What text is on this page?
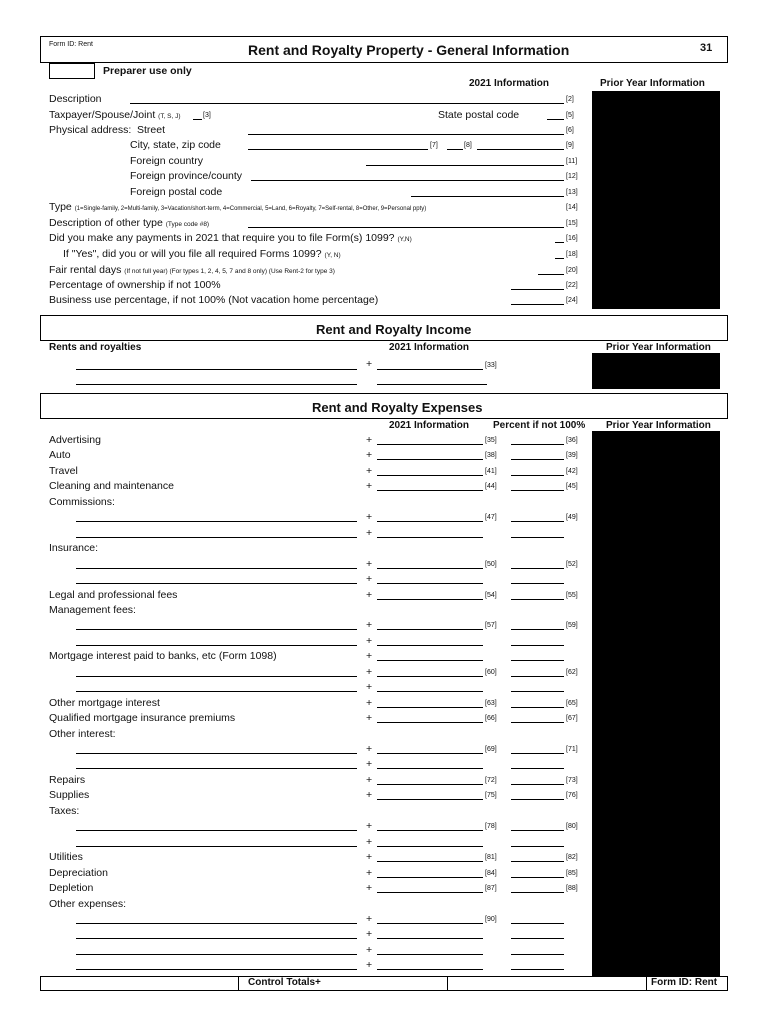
Form ID: Rent	Rent and Royalty Property - General Information	31
Preparer use only
2021 Information	Prior Year Information
Description	[2]
Taxpayer/Spouse/Joint (T, S, J)	[3]	State postal code	[5]
Physical address: Street	[6]
City, state, zip code	[7]	[8]	[9]
Foreign country	[11]
Foreign province/county	[12]
Foreign postal code	[13]
Type (1=Single-family, 2=Multi-family, 3=Vacation/short-term, 4=Commercial, 5=Land, 6=Royalty, 7=Self-rental, 8=Other, 9=Personal ppty)	[14]
Description of other type (Type code #8)	[15]
Did you make any payments in 2021 that require you to file Form(s) 1099? (Y,N)	[16]
If "Yes", did you or will you file all required Forms 1099? (Y, N)	[18]
Fair rental days (If not full year) (For types 1, 2, 4, 5, 7 and 8 only) (Use Rent-2 for type 3)	[20]
Percentage of ownership if not 100%	[22]
Business use percentage, if not 100% (Not vacation home percentage)	[24]
Rent and Royalty Income
Rents and royalties	2021 Information	Prior Year Information
+	[33]
Rent and Royalty Expenses
2021 Information Percent if not 100% Prior Year Information
Advertising	+	[35]	[36]
Auto	+	[38]	[39]
Travel	+	[41]	[42]
Cleaning and maintenance	+	[44]	[45]
Commissions:
+	[47]	[49]
+
Insurance:
+	[50]	[52]
+
Legal and professional fees	+	[54]	[55]
Management fees:
+	[57]	[59]
+
Mortgage interest paid to banks, etc (Form 1098)	+
+	[60]	[62]
+
Other mortgage interest	+	[63]	[65]
Qualified mortgage insurance premiums	+	[66]	[67]
Other interest:
+	[69]	[71]
+
Repairs	+	[72]	[73]
Supplies	+	[75]	[76]
Taxes:
+	[78]	[80]
+
Utilities	+	[81]	[82]
Depreciation	+	[84]	[85]
Depletion	+	[87]	[88]
Other expenses:
+	[90]
+
+
+
Control Totals+	Form ID: Rent
